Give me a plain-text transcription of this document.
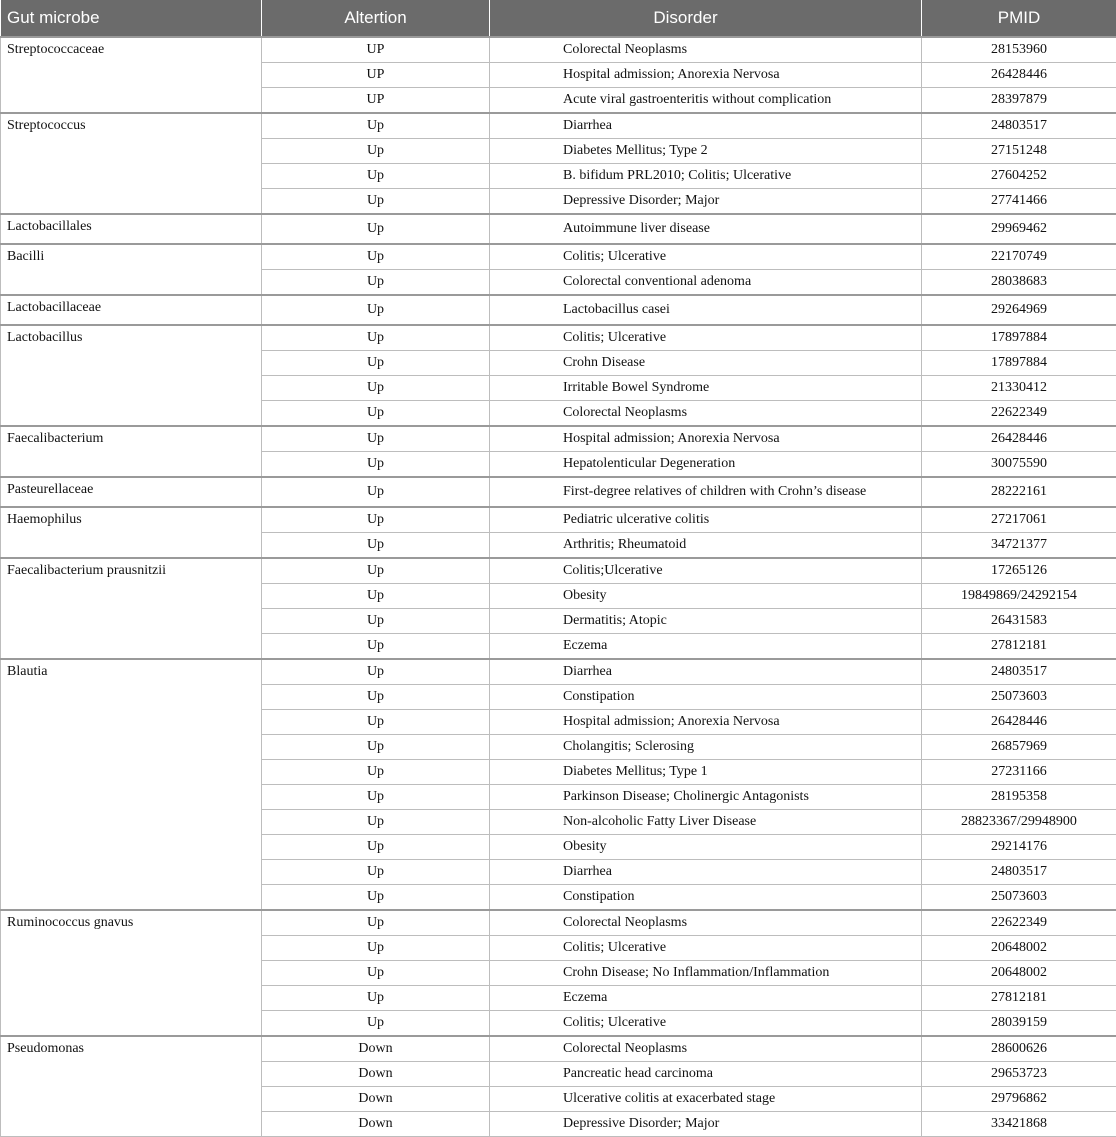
Gut microbe	Altertion	Disorder	PMID
Streptococcaceae	UP	Colorectal Neoplasms	28153960
	UP	Hospital admission; Anorexia Nervosa	26428446
	UP	Acute viral gastroenteritis without complication	28397879
Streptococcus	Up	Diarrhea	24803517
	Up	Diabetes Mellitus; Type 2	27151248
	Up	B. bifidum PRL2010; Colitis; Ulcerative	27604252
	Up	Depressive Disorder; Major	27741466
Lactobacillales	Up	Autoimmune liver disease	29969462
Bacilli	Up	Colitis; Ulcerative	22170749
	Up	Colorectal conventional adenoma	28038683
Lactobacillaceae	Up	Lactobacillus casei	29264969
Lactobacillus	Up	Colitis; Ulcerative	17897884
	Up	Crohn Disease	17897884
	Up	Irritable Bowel Syndrome	21330412
	Up	Colorectal Neoplasms	22622349
Faecalibacterium	Up	Hospital admission; Anorexia Nervosa	26428446
	Up	Hepatolenticular Degeneration	30075590
Pasteurellaceae	Up	First-degree relatives of children with Crohn’s disease	28222161
Haemophilus	Up	Pediatric ulcerative colitis	27217061
	Up	Arthritis; Rheumatoid	34721377
Faecalibacterium prausnitzii	Up	Colitis;Ulcerative	17265126
	Up	Obesity	19849869/24292154
	Up	Dermatitis; Atopic	26431583
	Up	Eczema	27812181
Blautia	Up	Diarrhea	24803517
	Up	Constipation	25073603
	Up	Hospital admission; Anorexia Nervosa	26428446
	Up	Cholangitis; Sclerosing	26857969
	Up	Diabetes Mellitus; Type 1	27231166
	Up	Parkinson Disease; Cholinergic Antagonists	28195358
	Up	Non-alcoholic Fatty Liver Disease	28823367/29948900
	Up	Obesity	29214176
	Up	Diarrhea	24803517
	Up	Constipation	25073603
Ruminococcus gnavus	Up	Colorectal Neoplasms	22622349
	Up	Colitis; Ulcerative	20648002
	Up	Crohn Disease; No Inflammation/Inflammation	20648002
	Up	Eczema	27812181
	Up	Colitis; Ulcerative	28039159
Pseudomonas	Down	Colorectal Neoplasms	28600626
	Down	Pancreatic head carcinoma	29653723
	Down	Ulcerative colitis at exacerbated stage	29796862
	Down	Depressive Disorder; Major	33421868
